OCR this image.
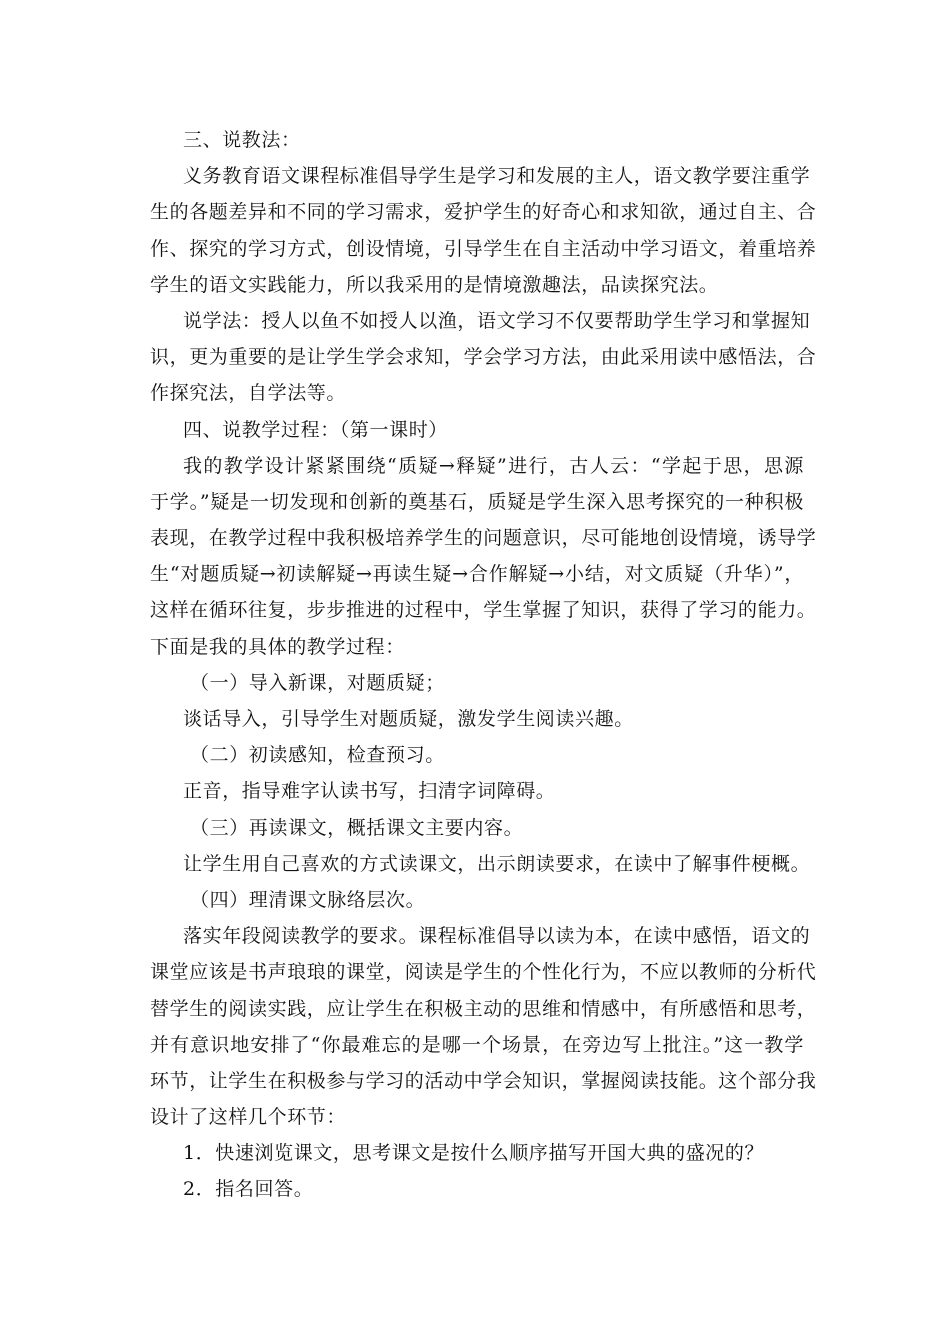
三、说教法：
义务教育语文课程标准倡导学生是学习和发展的主人，语文教学要注重学
生的各题差异和不同的学习需求，爱护学生的好奇心和求知欲，通过自主、合
作、探究的学习方式，创设情境，引导学生在自主活动中学习语文，着重培养
学生的语文实践能力，所以我采用的是情境激趣法，品读探究法。
说学法：授人以鱼不如授人以渔，语文学习不仅要帮助学生学习和掌握知
识，更为重要的是让学生学会求知，学会学习方法，由此采用读中感悟法，合
作探究法，自学法等。
四、说教学过程：（第一课时）
我的教学设计紧紧围绕“质疑→释疑”进行，古人云：“学起于思，思源
于学。”疑是一切发现和创新的奠基石，质疑是学生深入思考探究的一种积极
表现，在教学过程中我积极培养学生的问题意识，尽可能地创设情境，诱导学
生“对题质疑→初读解疑→再读生疑→合作解疑→小结，对文质疑（升华）”，
这样在循环往复，步步推进的过程中，学生掌握了知识，获得了学习的能力。
下面是我的具体的教学过程：
（一）导入新课，对题质疑；
谈话导入，引导学生对题质疑，激发学生阅读兴趣。
（二）初读感知，检查预习。
正音，指导难字认读书写，扫清字词障碍。
（三）再读课文，概括课文主要内容。
让学生用自己喜欢的方式读课文，出示朗读要求，在读中了解事件梗概。
（四）理清课文脉络层次。
落实年段阅读教学的要求。课程标准倡导以读为本，在读中感悟，语文的
课堂应该是书声琅琅的课堂，阅读是学生的个性化行为，不应以教师的分析代
替学生的阅读实践，应让学生在积极主动的思维和情感中，有所感悟和思考，
并有意识地安排了“你最难忘的是哪一个场景，在旁边写上批注。”这一教学
环节，让学生在积极参与学习的活动中学会知识，掌握阅读技能。这个部分我
设计了这样几个环节：
1．快速浏览课文，思考课文是按什么顺序描写开国大典的盛况的？
2．指名回答。
